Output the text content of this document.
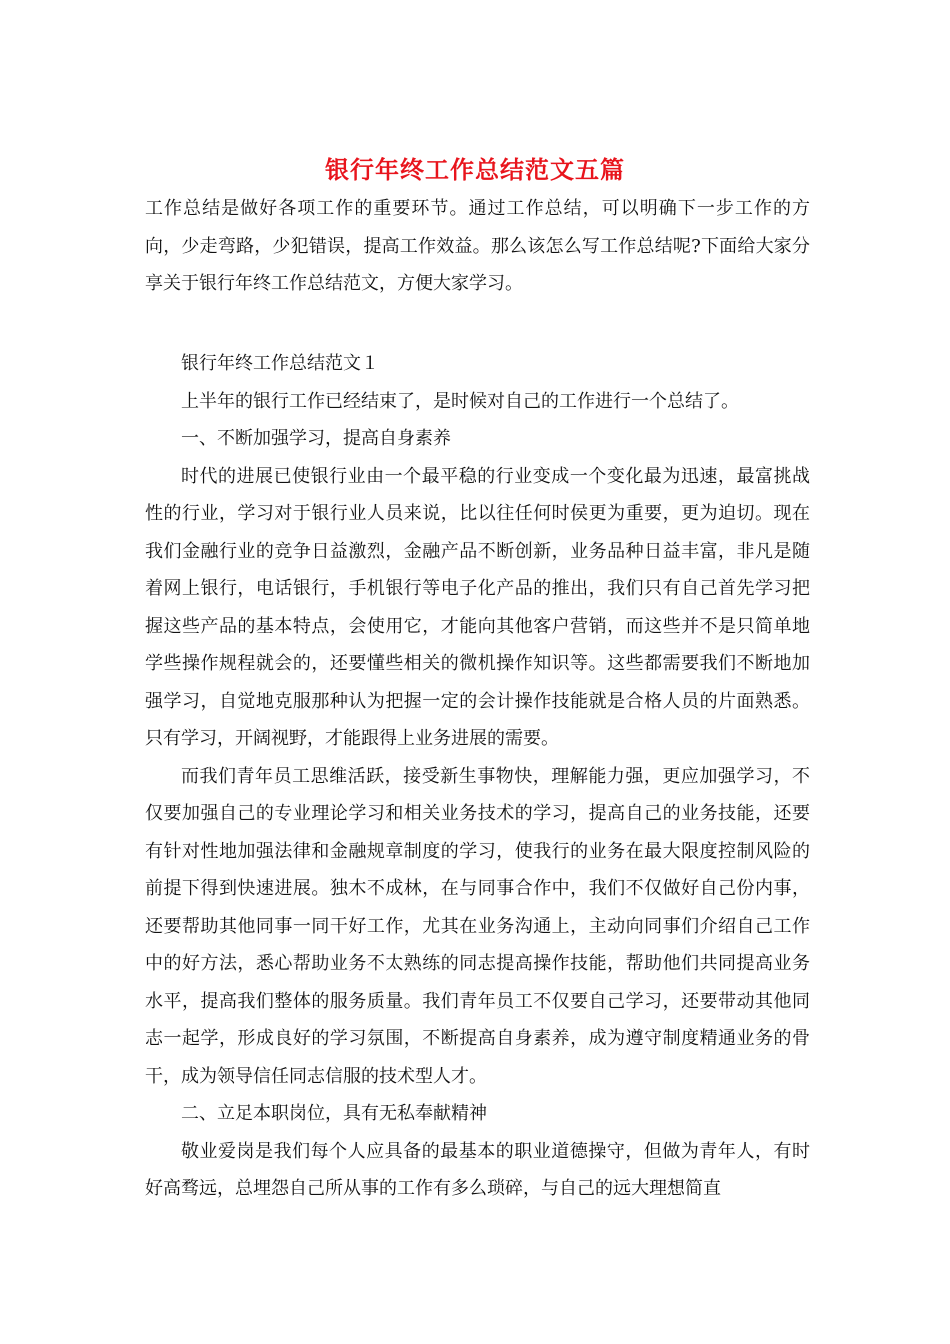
银行年终工作总结范文五篇

工作总结是做好各项工作的重要环节。通过工作总结，可以明确下一步工作的方向，少走弯路，少犯错误，提高工作效益。那么该怎么写工作总结呢?下面给大家分享关于银行年终工作总结范文，方便大家学习。

银行年终工作总结范文１

上半年的银行工作已经结束了，是时候对自己的工作进行一个总结了。

一、不断加强学习，提高自身素养

时代的进展已使银行业由一个最平稳的行业变成一个变化最为迅速，最富挑战性的行业，学习对于银行业人员来说，比以往任何时侯更为重要，更为迫切。现在我们金融行业的竞争日益激烈，金融产品不断创新，业务品种日益丰富，非凡是随着网上银行，电话银行，手机银行等电子化产品的推出，我们只有自己首先学习把握这些产品的基本特点，会使用它，才能向其他客户营销，而这些并不是只简单地学些操作规程就会的，还要懂些相关的微机操作知识等。这些都需要我们不断地加强学习，自觉地克服那种认为把握一定的会计操作技能就是合格人员的片面熟悉。只有学习，开阔视野，才能跟得上业务进展的需要。

而我们青年员工思维活跃，接受新生事物快，理解能力强，更应加强学习，不仅要加强自己的专业理论学习和相关业务技术的学习，提高自己的业务技能，还要有针对性地加强法律和金融规章制度的学习，使我行的业务在最大限度控制风险的前提下得到快速进展。独木不成林，在与同事合作中，我们不仅做好自己份内事，还要帮助其他同事一同干好工作，尤其在业务沟通上，主动向同事们介绍自己工作中的好方法，悉心帮助业务不太熟练的同志提高操作技能，帮助他们共同提高业务水平，提高我们整体的服务质量。我们青年员工不仅要自己学习，还要带动其他同志一起学，形成良好的学习氛围，不断提高自身素养，成为遵守制度精通业务的骨干，成为领导信任同志信服的技术型人才。

二、立足本职岗位，具有无私奉献精神

敬业爱岗是我们每个人应具备的最基本的职业道德操守，但做为青年人，有时好高骛远，总埋怨自己所从事的工作有多么琐碎，与自己的远大理想简直
